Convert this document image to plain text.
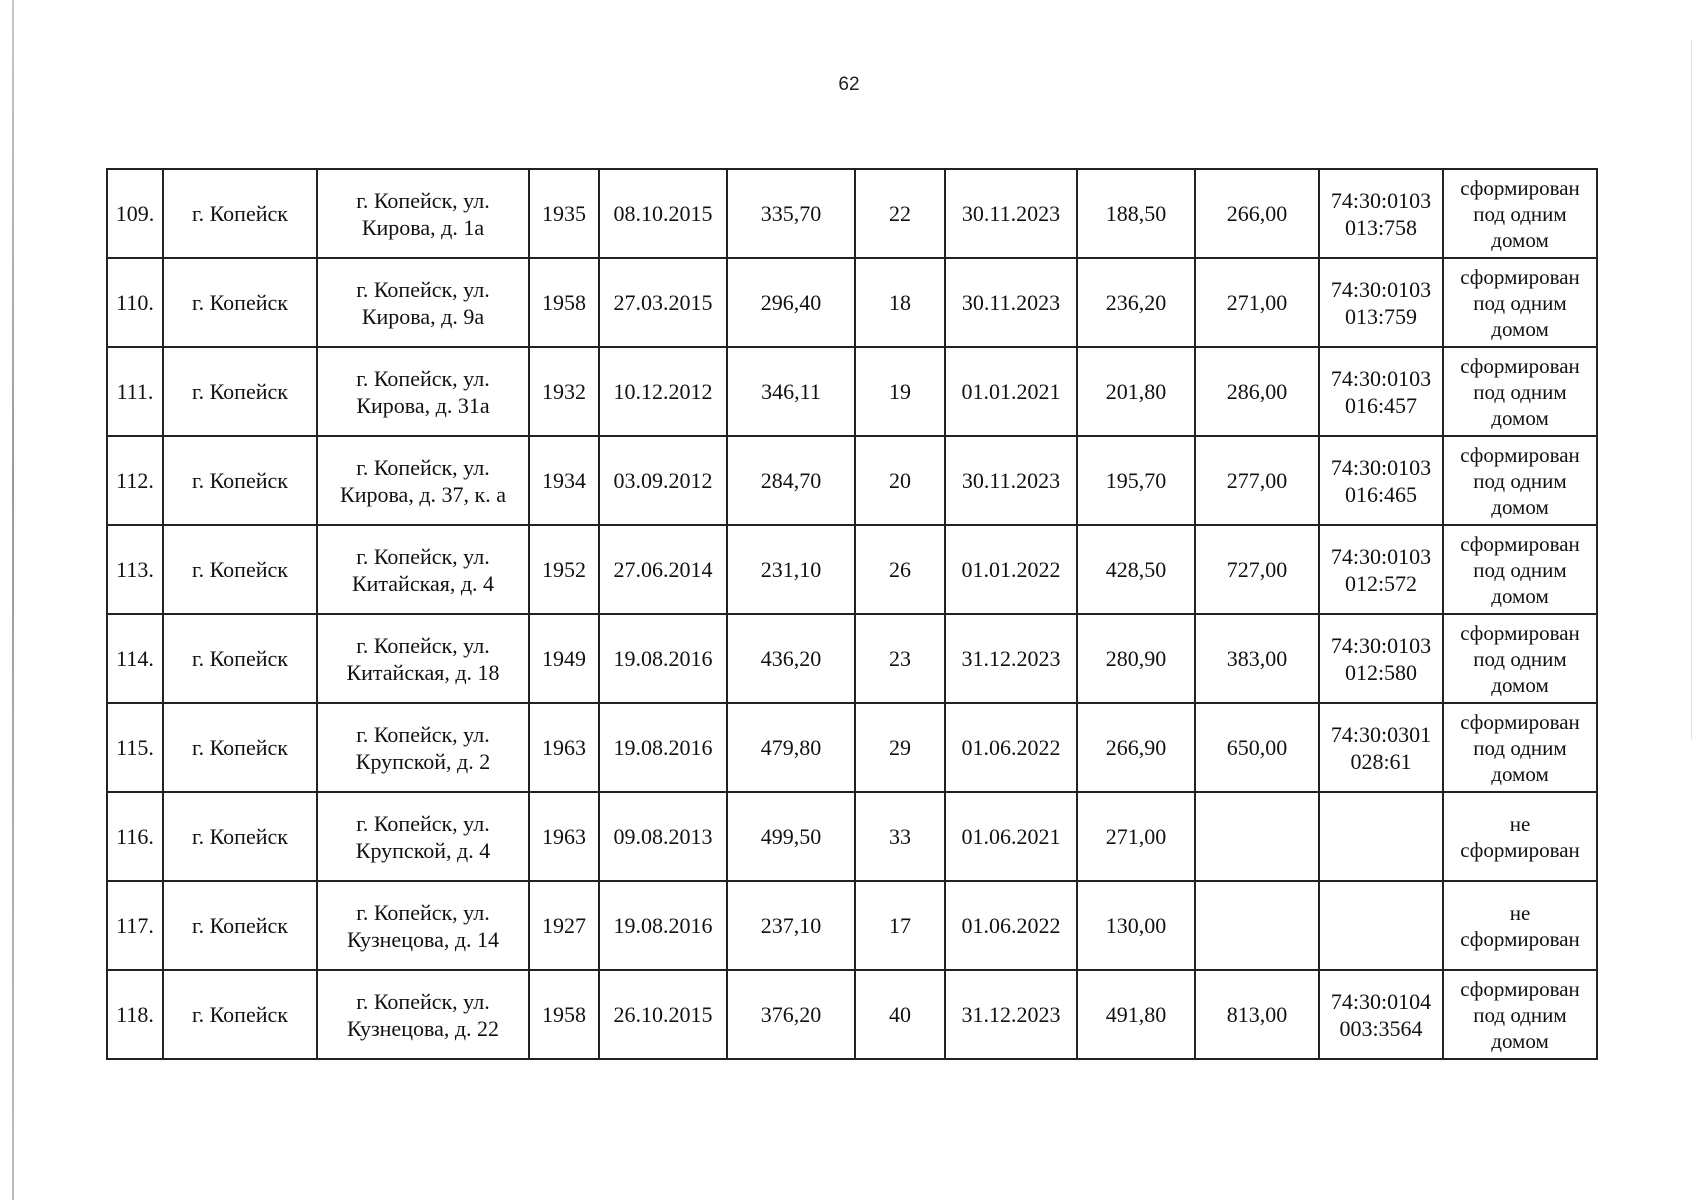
62
109.	г. Копейск	г. Копейск, ул.
Кирова, д. 1а	1935	08.10.2015	335,70	22	30.11.2023	188,50	266,00	74:30:0103
013:758	сформирован
под одним
домом
110.	г. Копейск	г. Копейск, ул.
Кирова, д. 9а	1958	27.03.2015	296,40	18	30.11.2023	236,20	271,00	74:30:0103
013:759	сформирован
под одним
домом
111.	г. Копейск	г. Копейск, ул.
Кирова, д. 31а	1932	10.12.2012	346,11	19	01.01.2021	201,80	286,00	74:30:0103
016:457	сформирован
под одним
домом
112.	г. Копейск	г. Копейск, ул.
Кирова, д. 37, к. а	1934	03.09.2012	284,70	20	30.11.2023	195,70	277,00	74:30:0103
016:465	сформирован
под одним
домом
113.	г. Копейск	г. Копейск, ул.
Китайская, д. 4	1952	27.06.2014	231,10	26	01.01.2022	428,50	727,00	74:30:0103
012:572	сформирован
под одним
домом
114.	г. Копейск	г. Копейск, ул.
Китайская, д. 18	1949	19.08.2016	436,20	23	31.12.2023	280,90	383,00	74:30:0103
012:580	сформирован
под одним
домом
115.	г. Копейск	г. Копейск, ул.
Крупской, д. 2	1963	19.08.2016	479,80	29	01.06.2022	266,90	650,00	74:30:0301
028:61	сформирован
под одним
домом
116.	г. Копейск	г. Копейск, ул.
Крупской, д. 4	1963	09.08.2013	499,50	33	01.06.2021	271,00			не
сформирован

117.	г. Копейск	г. Копейск, ул.
Кузнецова, д. 14	1927	19.08.2016	237,10	17	01.06.2022	130,00			не
сформирован

118.	г. Копейск	г. Копейск, ул.
Кузнецова, д. 22	1958	26.10.2015	376,20	40	31.12.2023	491,80	813,00	74:30:0104
003:3564	сформирован
под одним
домом
